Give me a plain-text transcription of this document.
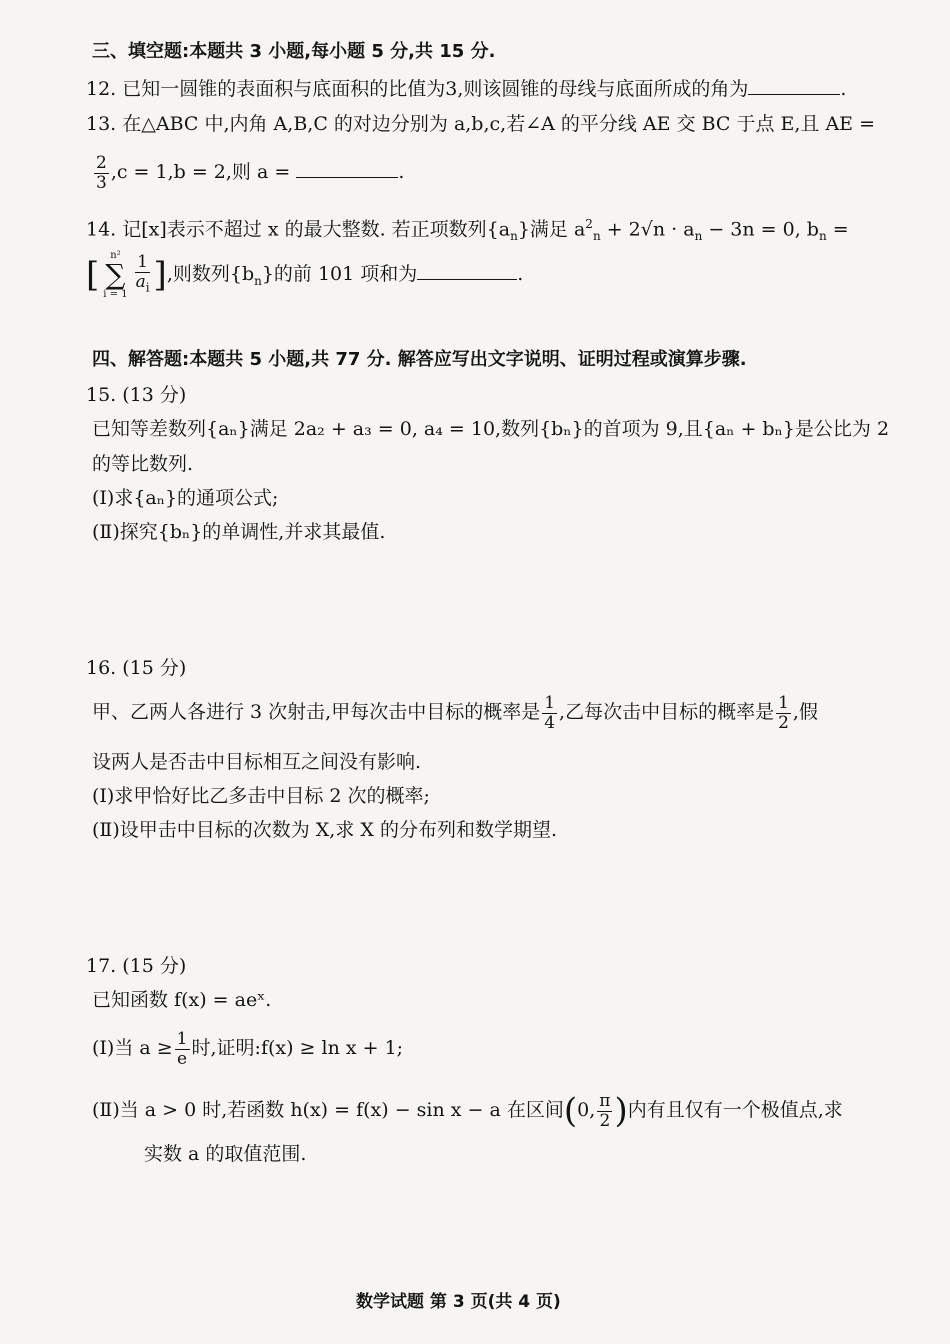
三、填空题:本题共 3 小题,每小题 5 分,共 15 分.
12. 已知一圆锥的表面积与底面积的比值为3,则该圆锥的母线与底面所成的角为	.
13. 在△ABC 中,内角 A,B,C 的对边分别为 a,b,c,若∠A 的平分线 AE 交 BC 于点 E,且 AE =
$\frac{2}{3} ,c = 1,b = 2$,则 a =	.
14. 记[x]表示不超过 x 的最大整数. 若正项数列$\{a_n\}$满足 $a^2_n + 2√n \cdot a_n - 3n = 0$, $b_n$ =
[ n²
∑
$i = 1 \frac{1}{a_i}$ ],则数列$\{b_n\}$的前 101 项和为	.
四、解答题:本题共 5 小题,共 77 分. 解答应写出文字说明、证明过程或演算步骤.
15. (13 分)
已知等差数列{aₙ}满足 2a₂ + a₃ = 0, a₄ = 10,数列{bₙ}的首项为 9,且{aₙ + bₙ}是公比为 2
的等比数列.
(Ⅰ)求{aₙ}的通项公式;
(Ⅱ)探究{bₙ}的单调性,并求其最值.
16. (15 分)
甲、乙两人各进行 3 次射击,甲每次击中目标的概率是 $\frac{1}{4}$ ,乙每次击中目标的概率是 $\frac{1}{2}$ ,假
设两人是否击中目标相互之间没有影响.
(Ⅰ)求甲恰好比乙多击中目标 2 次的概率;
(Ⅱ)设甲击中目标的次数为 X,求 X 的分布列和数学期望.
17. (15 分)
已知函数 f(x) = aeˣ.
(Ⅰ)当 $a \ge \frac{1}{e}$ 时,证明:f(x) ≥ ln x + 1;
(Ⅱ)当 a > 0 时,若函数 h(x) = f(x) − sin x − a 在区间(0, $\frac{\pi}{2}$ )内有且仅有一个极值点,求
实数 a 的取值范围.
数学试题 第 3 页(共 4 页)
